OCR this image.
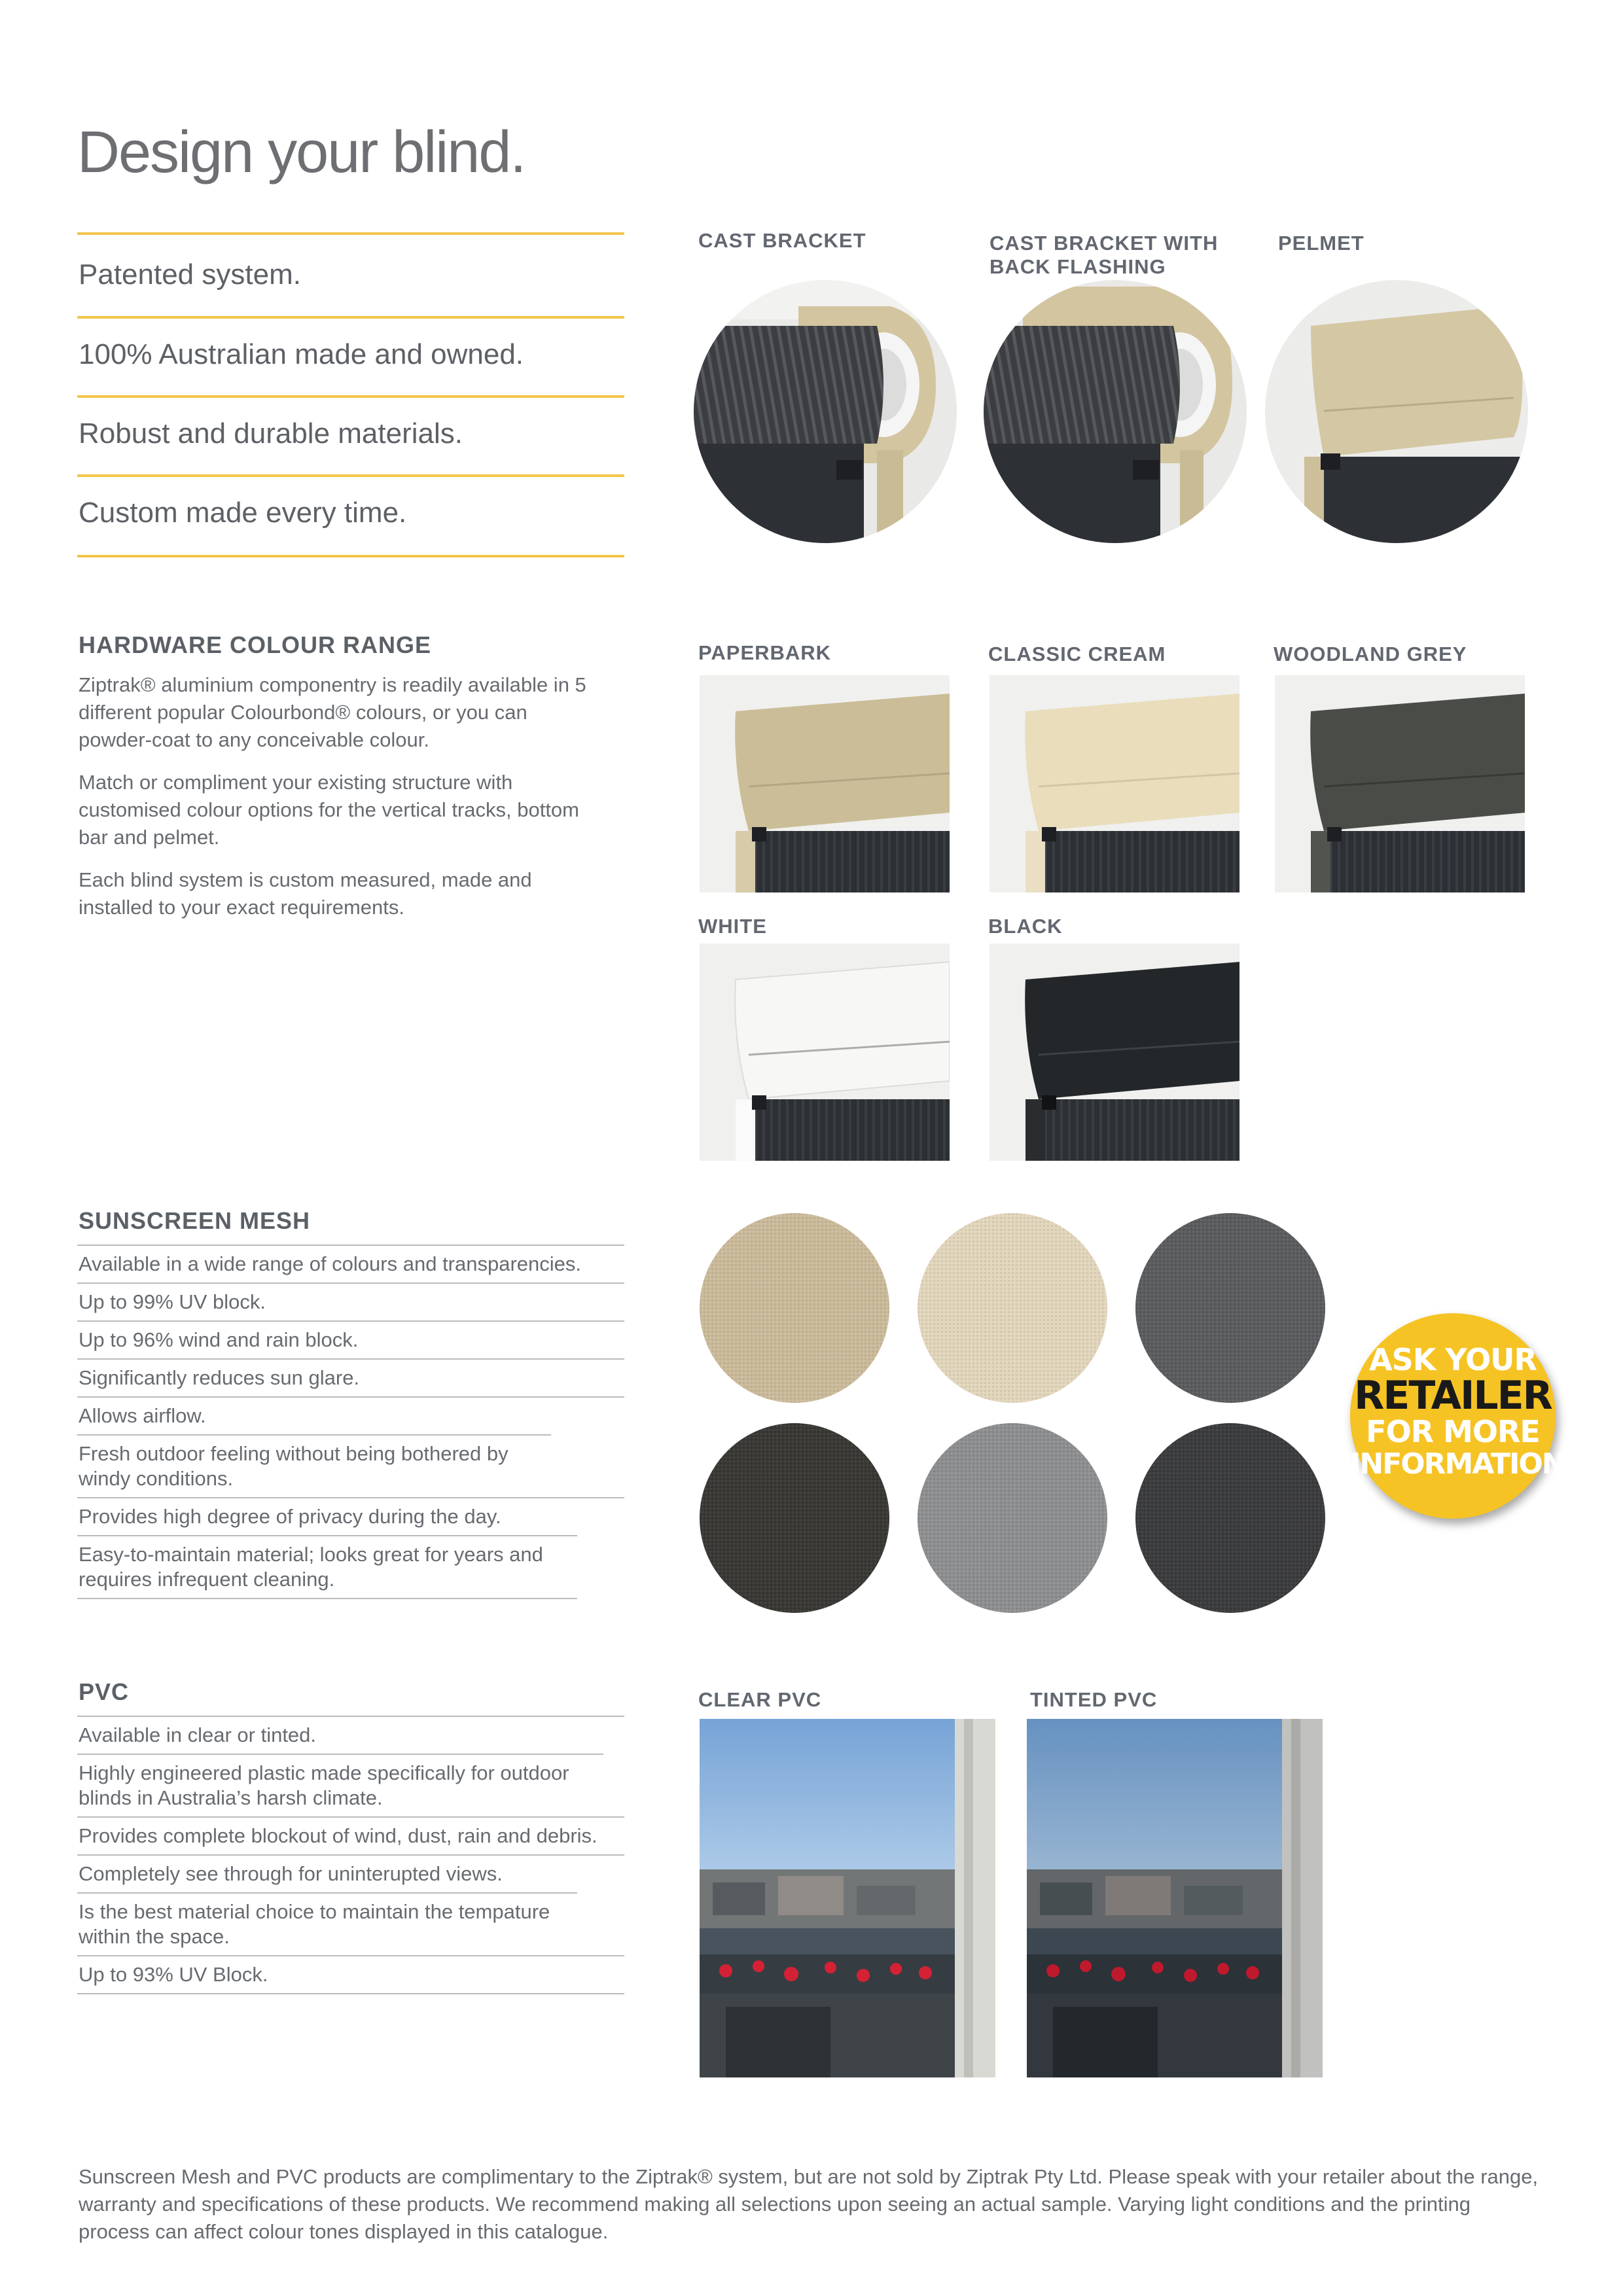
Design your blind.
Patented system.
100% Australian made and owned.
Robust and durable materials.
Custom made every time.
CAST BRACKET	CAST BRACKET WITH
BACK FLASHING
PELMET
HARDWARE COLOUR RANGE

Ziptrak® aluminium componentry is readily available in 5 different popular Colourbond® colours, or you can powder-coat to any conceivable colour.

Match or compliment your existing structure with customised colour options for the vertical tracks, bottom bar and pelmet.

Each blind system is custom measured, made and installed to your exact requirements.

PAPERBARK	CLASSIC CREAM	WOODLAND GREY
WHITE	BLACK
SUNSCREEN MESH
Available in a wide range of colours and transparencies.
Up to 99% UV block.
Up to 96% wind and rain block.
Significantly reduces sun glare.
Allows airflow.
Fresh outdoor feeling without being bothered by windy conditions.
Provides high degree of privacy during the day.
Easy-to-maintain material; looks great for years and requires infrequent cleaning.
ASK YOUR
RETAILER
FOR MORE
INFORMATION
PVC
Available in clear or tinted.
Highly engineered plastic made specifically for outdoor blinds in Australia’s harsh climate.
Provides complete blockout of wind, dust, rain and debris.
Completely see through for uninterupted views.
Is the best material choice to maintain the tempature within the space.
Up to 93% UV Block.
CLEAR PVC	TINTED PVC

Sunscreen Mesh and PVC products are complimentary to the Ziptrak® system, but are not sold by Ziptrak Pty Ltd. Please speak with your retailer about the range, warranty and specifications of these products. We recommend making all selections upon seeing an actual sample. Varying light conditions and the printing process can affect colour tones displayed in this catalogue.
